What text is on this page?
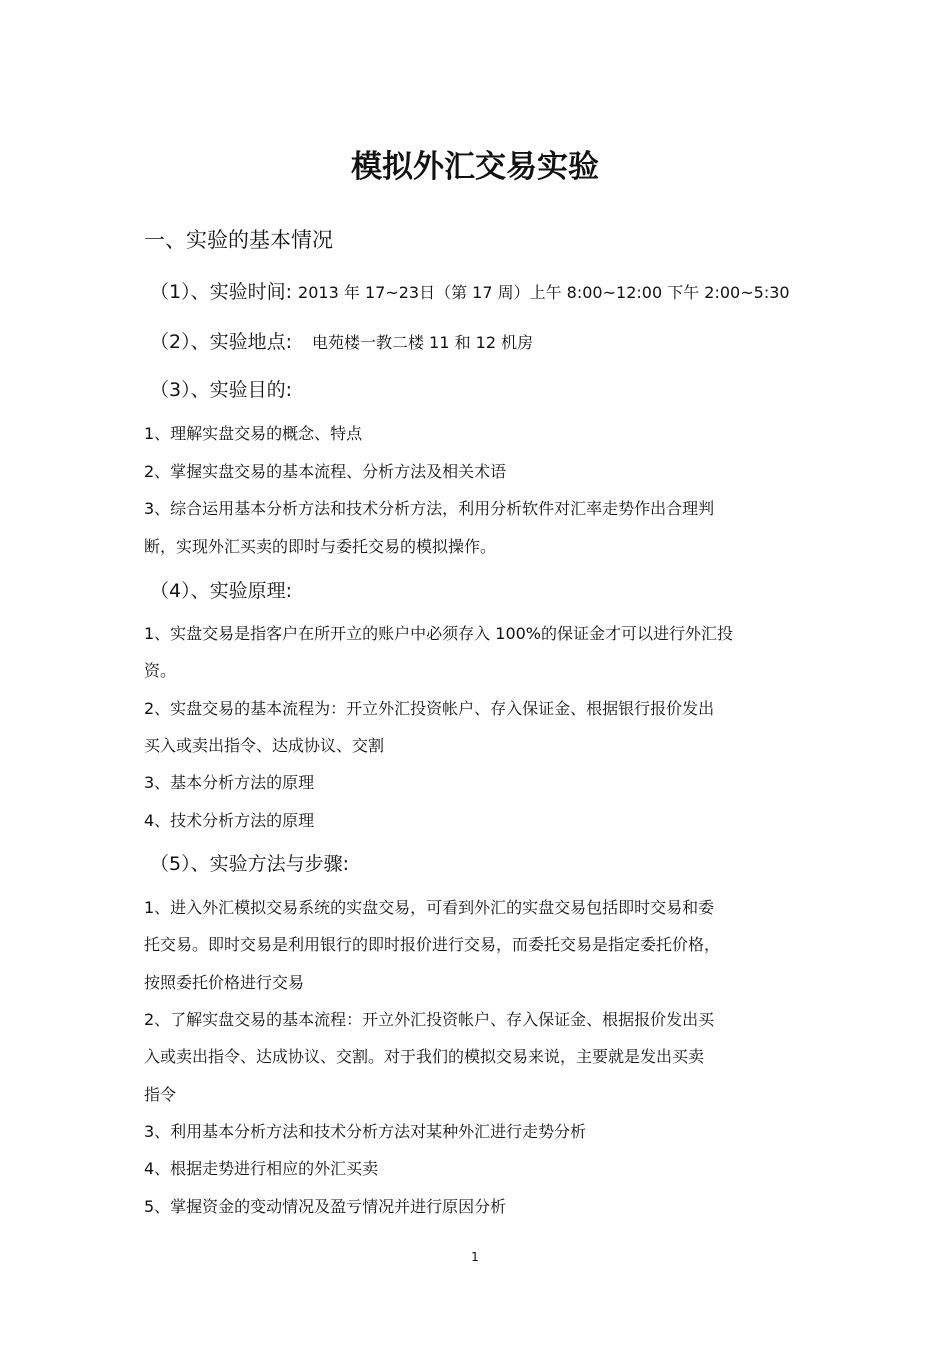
模拟外汇交易实验
一、实验的基本情况
（1）、实验时间: 2013 年 17~23日（第 17 周）上午 8:00~12:00 下午 2:00~5:30
（2）、实验地点: 电苑楼一教二楼 11 和 12 机房
（3）、实验目的:
1、理解实盘交易的概念、特点
2、掌握实盘交易的基本流程、分析方法及相关术语
3、综合运用基本分析方法和技术分析方法，利用分析软件对汇率走势作出合理判
断，实现外汇买卖的即时与委托交易的模拟操作。
（4）、实验原理:
1、实盘交易是指客户在所开立的账户中必须存入 100%的保证金才可以进行外汇投
资。
2、实盘交易的基本流程为：开立外汇投资帐户、存入保证金、根据银行报价发出
买入或卖出指令、达成协议、交割
3、基本分析方法的原理
4、技术分析方法的原理
（5）、实验方法与步骤:
1、进入外汇模拟交易系统的实盘交易，可看到外汇的实盘交易包括即时交易和委
托交易。即时交易是利用银行的即时报价进行交易，而委托交易是指定委托价格，
按照委托价格进行交易
2、了解实盘交易的基本流程：开立外汇投资帐户、存入保证金、根据报价发出买
入或卖出指令、达成协议、交割。对于我们的模拟交易来说，主要就是发出买卖
指令
3、利用基本分析方法和技术分析方法对某种外汇进行走势分析
4、根据走势进行相应的外汇买卖
5、掌握资金的变动情况及盈亏情况并进行原因分析
1
